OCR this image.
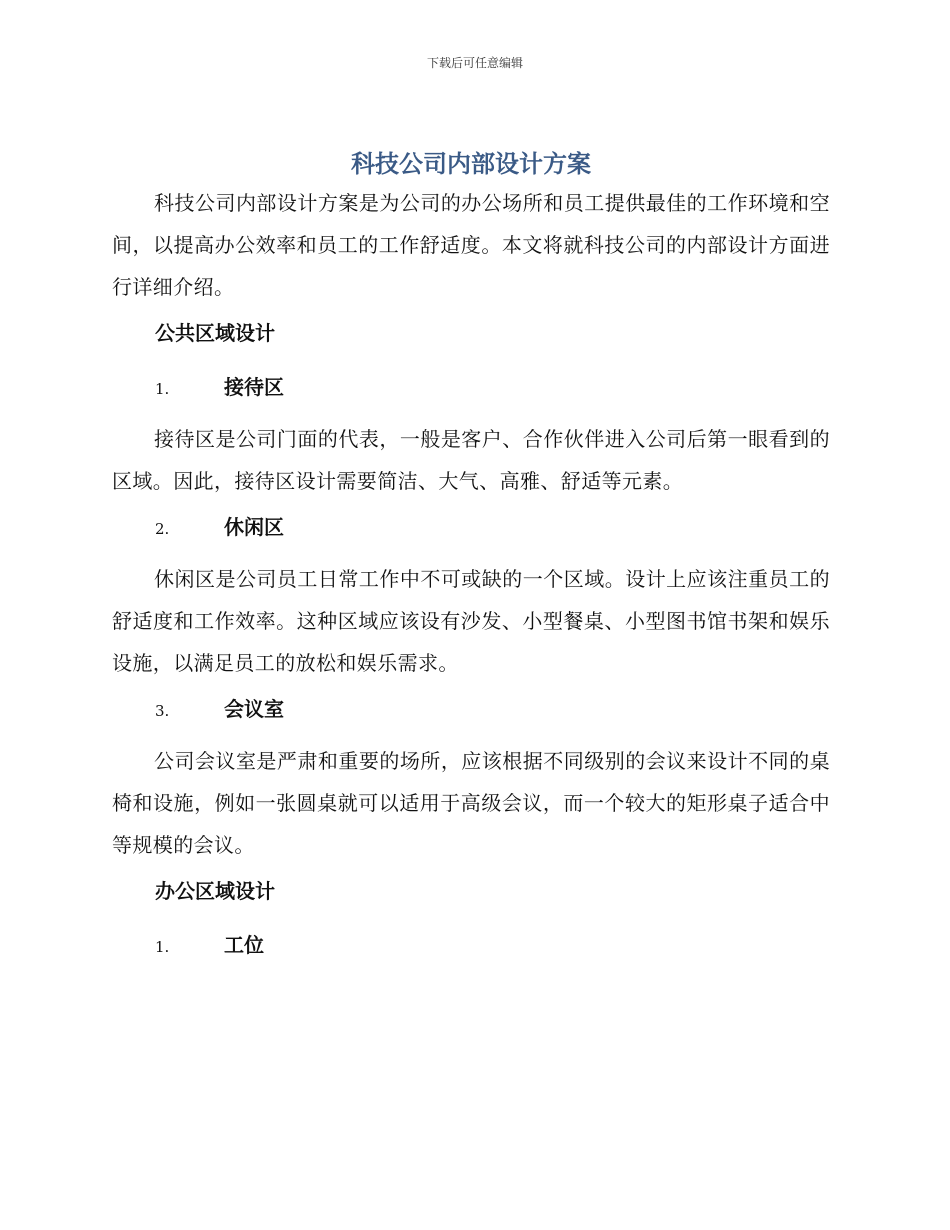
下载后可任意编辑
科技公司内部设计方案

科技公司内部设计方案是为公司的办公场所和员工提供最佳的工作环境和空间，以提高办公效率和员工的工作舒适度。本文将就科技公司的内部设计方面进行详细介绍。

公共区域设计
1.	接待区

接待区是公司门面的代表，一般是客户、合作伙伴进入公司后第一眼看到的区域。因此，接待区设计需要简洁、大气、高雅、舒适等元素。

2.	休闲区

休闲区是公司员工日常工作中不可或缺的一个区域。设计上应该注重员工的舒适度和工作效率。这种区域应该设有沙发、小型餐桌、小型图书馆书架和娱乐设施，以满足员工的放松和娱乐需求。

3.	会议室

公司会议室是严肃和重要的场所，应该根据不同级别的会议来设计不同的桌椅和设施，例如一张圆桌就可以适用于高级会议，而一个较大的矩形桌子适合中等规模的会议。

办公区域设计
1.	工位
